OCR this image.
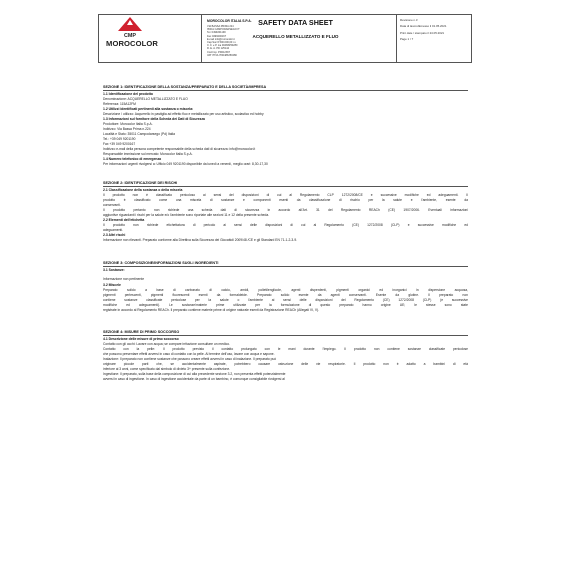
MOROCOLOR ITALIA S.P.A.
VIA BASSA PRIMA 224
35011 CAMPODARSEGO IT
Tel. 0499201190
Fax 0499200167
E-mail info@morocolor.it
Cap.Soc € 500.000,00 i.v.
C. F. e P. iva 00483250280
R. E. A. PD 125144
Cod.Imp. PD012367
VAT ITIVA IT00483250280
Revisione n.3
Data di lavoro/Emesso il 01.05.2021
Print date / stampato il 24.05.2021
Page 1 / 7
SAFETY DATA SHEET
ACQUERELLO METALLIZZATO E FLUO
CMP
MOROCOLOR
SEZIONE 1: IDENTIFICAZIONE DELLA SOSTANZA/PREPARATO E DELLA SOCIETÀ/IMPRESA
1.1 Identificazione del prodotto
Denominazione: ACQUERELLO METALLIZZATO E FLUO
Referenza: 115A12FM
1.2 Utilizzi identificati pertinenti alla sostanza o miscela:
Descrizione / utilizzo: Acquerello in pastiglia ad effetto fluo e metallizzato per uso artistico, scolastico ed hobby
1.3 Informazioni sul fornitore della Scheda dei Dati di Sicurezza
Produttore: Morocolor Italia S.p.A.
Indirizzo: Via Bassa Prima n.224
Località e Stato: 35011 Campodarsego (Pd) Italia
Tel.: +39 049 9201190
Fax +39 049 9200167
Indirizzo e-mail della persona competente responsabile della scheda dati di sicurezza: info@morocolor.it
Responsabile immissione sul mercato: Morocolor Italia S.p.A.
1.4 Numero telefonico di emergenza
Per informazioni urgenti rivolgersi a: Ufficio 049 9201190 disponibile da lunedì a venerdì, meglio orari: 8,30-17,30
SEZIONE 2: IDENTIFICAZIONE DEI RISCHI
2.1 Classificazione della sostanza o della miscela
Il prodotto non è classificato pericoloso ai sensi del disposizioni di cui al Regolamento CLP 1272/2008/CE e successive modifiche ed adeguamenti. Il
prodotto è classificato come una miscela di sostanze e componenti esenti da classificazione di rischio per la salute e l'ambiente, esente da
conservanti.
Il prodotto pertanto non richiede una scheda dati di sicurezza in accordo all'Art. 31 del Regolamento REACh (CE) 1907/2006. Eventuali informazioni
aggiuntive riguardanti i rischi per la salute e/o l'ambiente sono riportate alle sezioni 11 e 12 della presente scheda.
2.2 Elementi dell'etichetta
Il prodotto non richiede etichettatura di pericolo ai sensi delle disposizioni di cui al Regolamento (CE) 1272/2008 (CLP) e successive modifiche ed
adeguamenti.
2.3 Altri rischi
Informazione non rilevanti. Preparato conforme alla Direttiva sulla Sicurezza dei Giocattoli 2009/48 /CE e gli Standard EN 71-1-2-3-9.
SEZIONE 3: COMPOSIZIONE/INFORMAZIONI SUGLI INGREDIENTI
3.1 Sostanze:
Informazione non pertinente
3.2 Miscele
Preparato solido a base di carbonato di calcio, amidi, polietilenglicole, agenti disperdenti, pigmenti organici ed inorganici in dispersione acquosa,
pigmenti perlescenti, pigmenti fluorescenti esenti da formaldeide. Preparato solido esente da agenti conservanti. Esente da glutine. Il preparato non
contiene sostanze classificate pericolose per la salute o l'ambiente ai sensi delle disposizioni del Regolamento (CE) 1272/2008 (CLP) (e successive
modifiche ed adeguamenti). Le sostanze/materie prime utilizzate per la formulazione di questo preparato hanno origine UE; le stesse sono state
registrate in accordo al Regolamento REACh. Il preparato contiene materie prime di origine naturale esenti da Registrazione REACh (Allegati VI, V).
SEZIONE 4: MISURE DI PRIMO SOCCORSO
4.1 Descrizione delle misure di primo soccorso
Contatto con gli occhi: Lavare con acqua; se compare irritazione consultare un medico.
Contatto con la pelle: Il prodotto previsto il contatto prolungato con le mani durante l'impiego. Il prodotto non contiene sostanze classificate pericolose
che possono presentare effetti avversi in caso di contatto con la pelle. Al termine dell'uso, lavare con acqua e sapone.
Inalazione: Il preparato non contiene sostanze che possono creare effetti avversi in caso di inalazione. Il preparato può
originare piccole parti che, se accidentalmente aspirate, potrebbero causare ostruzione delle vie respiratorie. Il prodotto non è adatto a bambini di età
inferiore ai 3 anni, come specificato dal simbolo di divieto 3+ presente sulla confezione.
Ingestione: Il preparato, sulla base della composizione di cui alla precedente sezione 3.2, non presenta effetti potenzialmente
avversi in caso di ingestione. In caso di ingestione accidentale da parte di un bambino, è comunque consigliabile rivolgersi al
